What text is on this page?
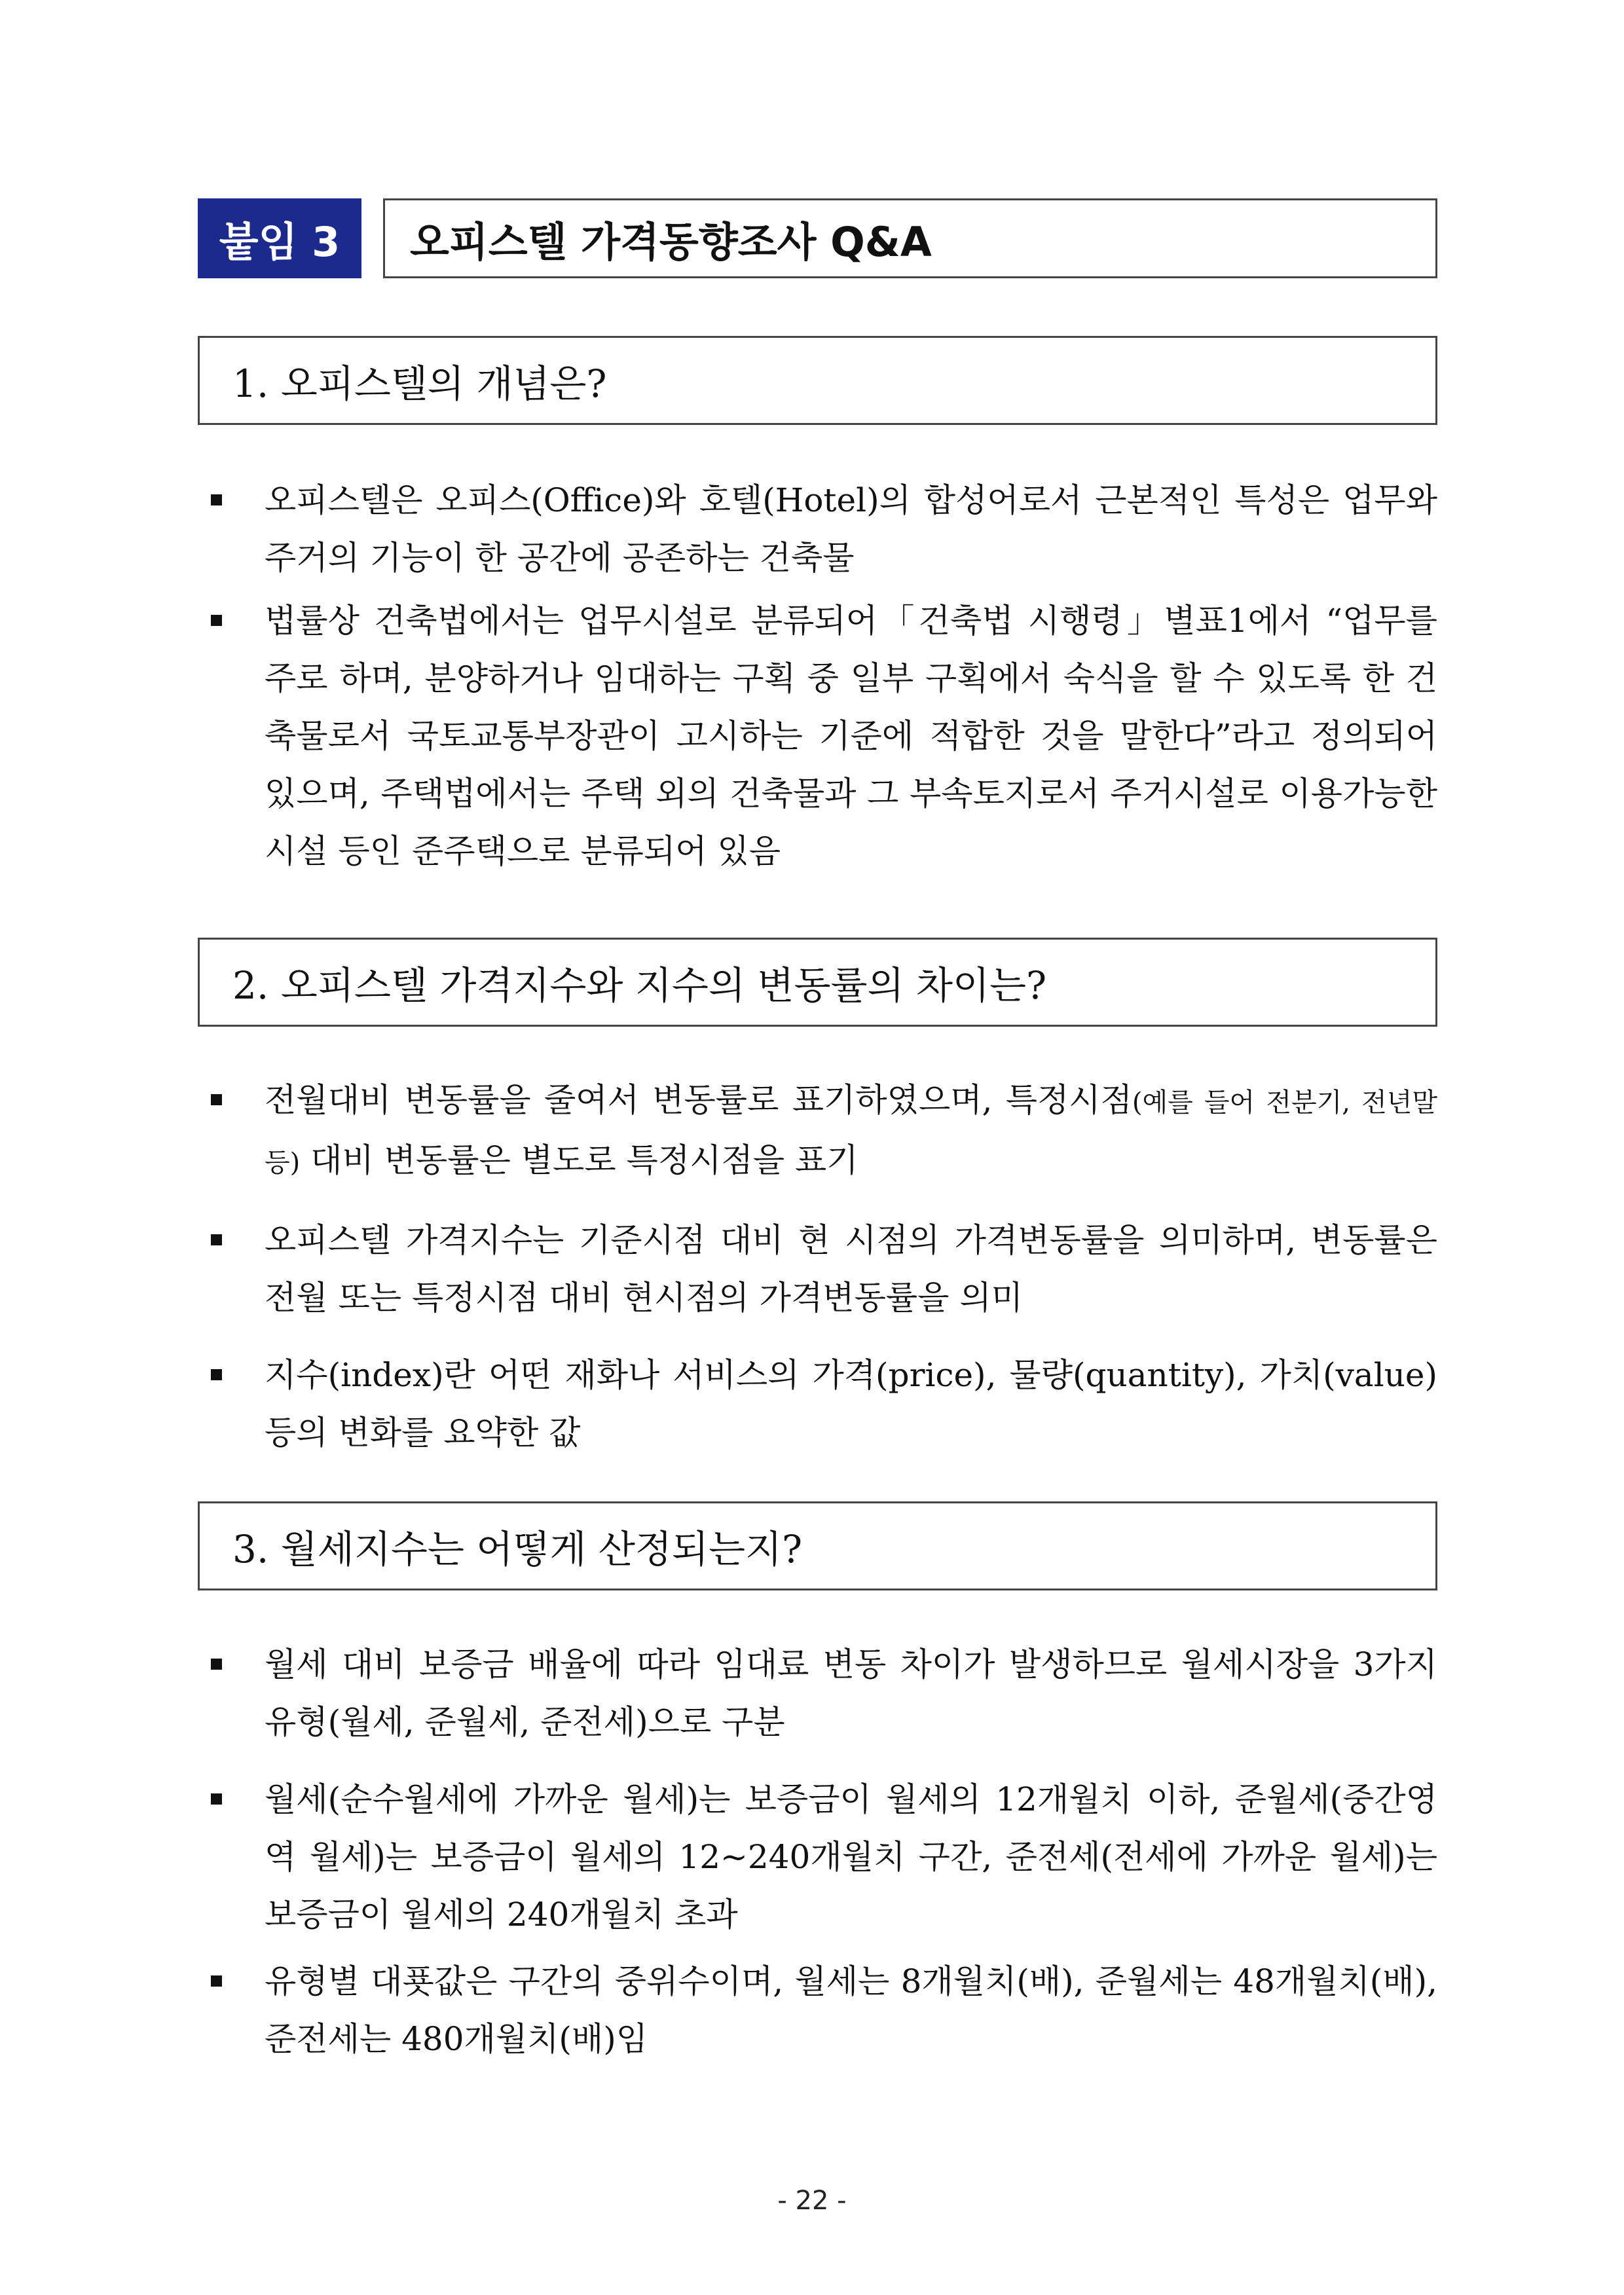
붙임 3	오피스텔 가격동향조사 Q&A
1. 오피스텔의 개념은?
오피스텔은 오피스(Office)와 호텔(Hotel)의 합성어로서 근본적인 특성은 업무와 주거의 기능이 한 공간에 공존하는 건축물
법률상 건축법에서는 업무시설로 분류되어「건축법 시행령」별표1에서 “업무를 주로 하며, 분양하거나 임대하는 구획 중 일부 구획에서 숙식을 할 수 있도록 한 건축물로서 국토교통부장관이 고시하는 기준에 적합한 것을 말한다”라고 정의되어 있으며, 주택법에서는 주택 외의 건축물과 그 부속토지로서 주거시설로 이용가능한 시설 등인 준주택으로 분류되어 있음
2. 오피스텔 가격지수와 지수의 변동률의 차이는?
전월대비 변동률을 줄여서 변동률로 표기하였으며, 특정시점(예를 들어 전분기, 전년말 등) 대비 변동률은 별도로 특정시점을 표기
오피스텔 가격지수는 기준시점 대비 현 시점의 가격변동률을 의미하며, 변동률은 전월 또는 특정시점 대비 현시점의 가격변동률을 의미
지수(index)란 어떤 재화나 서비스의 가격(price), 물량(quantity), 가치(value) 등의 변화를 요약한 값
3. 월세지수는 어떻게 산정되는지?
월세 대비 보증금 배율에 따라 임대료 변동 차이가 발생하므로 월세시장을 3가지 유형(월세, 준월세, 준전세)으로 구분
월세(순수월세에 가까운 월세)는 보증금이 월세의 12개월치 이하, 준월세(중간영역 월세)는 보증금이 월세의 12~240개월치 구간, 준전세(전세에 가까운 월세)는 보증금이 월세의 240개월치 초과
유형별 대푯값은 구간의 중위수이며, 월세는 8개월치(배), 준월세는 48개월치(배), 준전세는 480개월치(배)임
- 22 -
